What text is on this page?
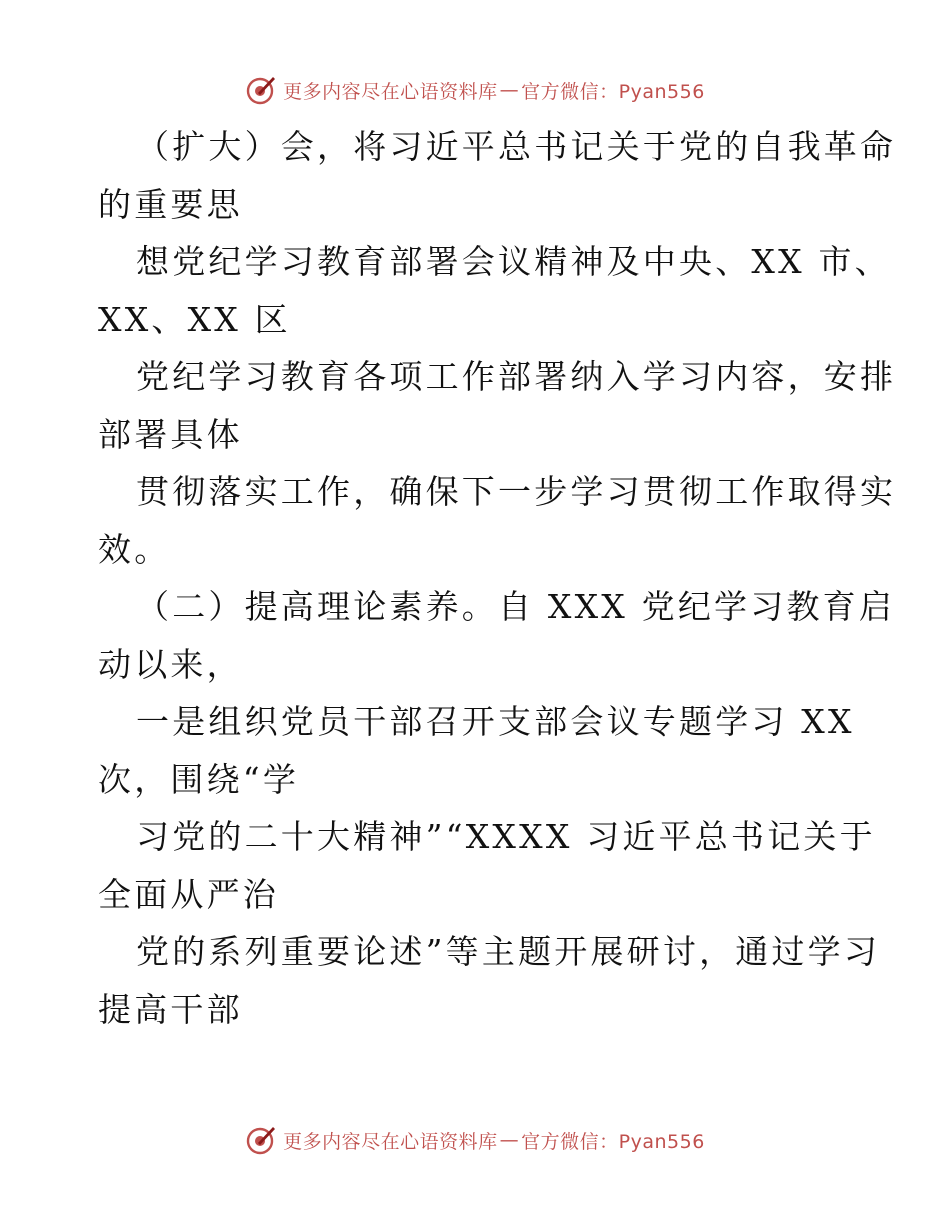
更多内容尽在心语资料库 — 官方微信：Pyan556
（扩大）会，将习近平总书记关于党的自我革命
的重要思
想党纪学习教育部署会议精神及中央、XX 市、
XX、XX 区
党纪学习教育各项工作部署纳入学习内容，安排
部署具体
贯彻落实工作，确保下一步学习贯彻工作取得实
效。
（二）提高理论素养。自 XXX 党纪学习教育启
动以来，
一是组织党员干部召开支部会议专题学习 XX
次，围绕“学
习党的二十大精神”“XXXX 习近平总书记关于
全面从严治
党的系列重要论述”等主题开展研讨，通过学习
提高干部
更多内容尽在心语资料库 — 官方微信：Pyan556
